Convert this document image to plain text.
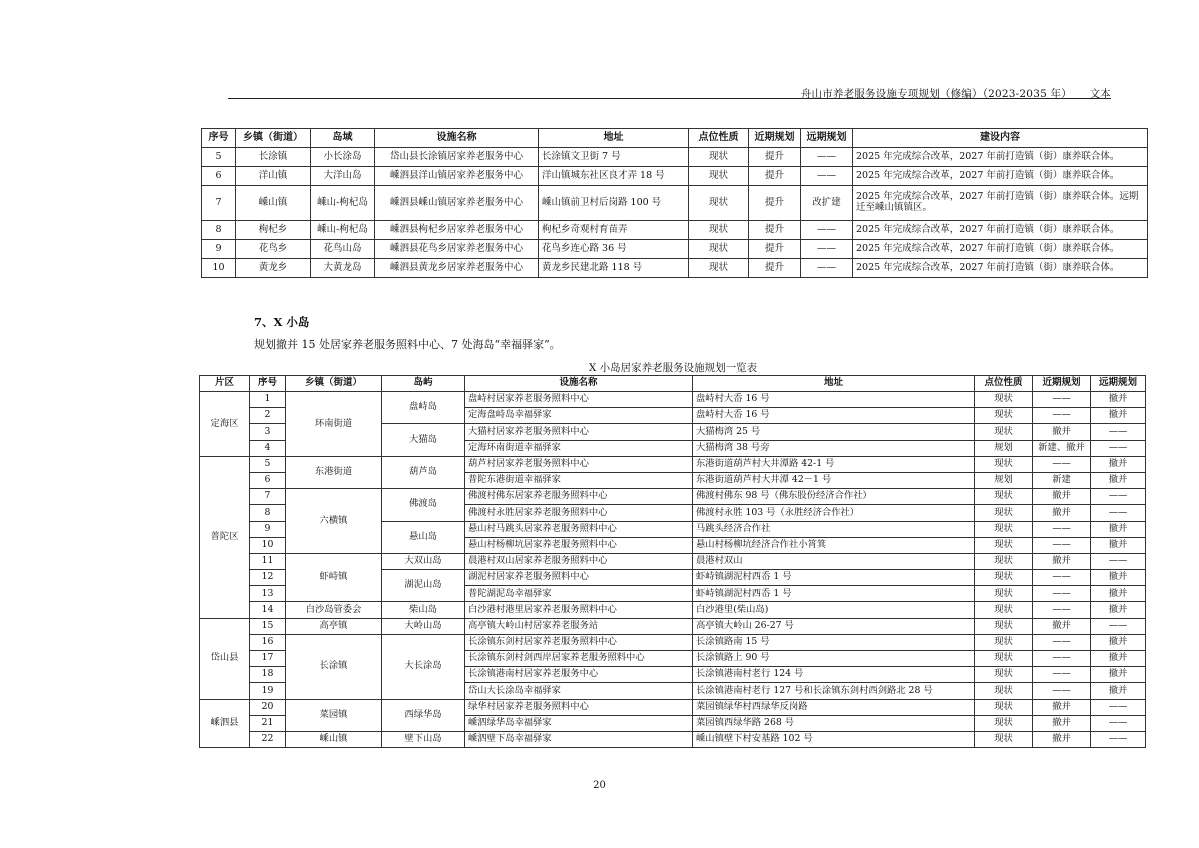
舟山市养老服务设施专项规划（修编）（2023-2035 年） 文本
序号	乡镇（街道）	岛域	设施名称	地址	点位性质	近期规划	远期规划	建设内容
5	长涂镇	小长涂岛	岱山县长涂镇居家养老服务中心	长涂镇文卫街 7 号	现状	提升	——	2025 年完成综合改革，2027 年前打造镇（街）康养联合体。
6	洋山镇	大洋山岛	嵊泗县洋山镇居家养老服务中心	洋山镇城东社区良才弄 18 号	现状	提升	——	2025 年完成综合改革，2027 年前打造镇（街）康养联合体。
7	嵊山镇	嵊山-枸杞岛	嵊泗县嵊山镇居家养老服务中心	嵊山镇前卫村后岗路 100 号	现状	提升	改扩建	2025 年完成综合改革，2027 年前打造镇（街）康养联合体。远期迁至嵊山镇镇区。
8	枸杞乡	嵊山-枸杞岛	嵊泗县枸杞乡居家养老服务中心	枸杞乡奇观村育苗弄	现状	提升	——	2025 年完成综合改革，2027 年前打造镇（街）康养联合体。
9	花鸟乡	花鸟山岛	嵊泗县花鸟乡居家养老服务中心	花鸟乡连心路 36 号	现状	提升	——	2025 年完成综合改革，2027 年前打造镇（街）康养联合体。
10	黄龙乡	大黄龙岛	嵊泗县黄龙乡居家养老服务中心	黄龙乡民建北路 118 号	现状	提升	——	2025 年完成综合改革，2027 年前打造镇（街）康养联合体。
7、X 小岛
规划撤并 15 处居家养老服务照料中心、7 处海岛“幸福驿家”。
X 小岛居家养老服务设施规划一览表
片区	序号	乡镇（街道）	岛屿	设施名称	地址	点位性质	近期规划	远期规划
定海区	1	环南街道	盘峙岛	盘峙村居家养老服务照料中心	盘峙村大岙 16 号	现状	——	撤并
	2			定海盘峙岛幸福驿家	盘峙村大岙 16 号	现状	——	撤并
	3		大猫岛	大猫村居家养老服务照料中心	大猫梅湾 25 号	现状	撤并	——
	4			定海环南街道幸福驿家	大猫梅湾 38 号旁	规划	新建、撤并	——
普陀区	5	东港街道	葫芦岛	葫芦村居家养老服务照料中心	东港街道葫芦村大井潭路 42-1 号	现状	——	撤并
	6			普陀东港街道幸福驿家	东港街道葫芦村大井潭 42－1 号	规划	新建	撤并
	7	六横镇	佛渡岛	佛渡村佛东居家养老服务照料中心	佛渡村佛东 98 号（佛东股份经济合作社）	现状	撤并	——
	8			佛渡村永胜居家养老服务照料中心	佛渡村永胜 103 号（永胜经济合作社）	现状	撤并	——
	9		悬山岛	悬山村马跳头居家养老服务照料中心	马跳头经济合作社	现状	——	撤并
	10			悬山村杨柳坑居家养老服务照料中心	悬山村杨柳坑经济合作社小筲箕	现状	——	撤并
	11	虾峙镇	大双山岛	晨港村双山居家养老服务照料中心	晨港村双山	现状	撤并	——
	12		湖泥山岛	湖泥村居家养老服务照料中心	虾峙镇湖泥村西岙 1 号	现状	——	撤并
	13			普陀湖泥岛幸福驿家	虾峙镇湖泥村西岙 1 号	现状	——	撤并
	14	白沙岛管委会	柴山岛	白沙港村港里居家养老服务照料中心	白沙港里(柴山岛)	现状	——	撤并
岱山县	15	高亭镇	大岭山岛	高亭镇大岭山村居家养老服务站	高亭镇大岭山 26-27 号	现状	撤并	——
	16	长涂镇	大长涂岛	长涂镇东剑村居家养老服务照料中心	长涂镇路南 15 号	现状	——	撤并
	17			长涂镇东剑村剑西岸居家养老服务照料中心	长涂镇路上 90 号	现状	——	撤并
	18			长涂镇港南村居家养老服务中心	长涂镇港南村老行 124 号	现状	——	撤并
	19			岱山大长涂岛幸福驿家	长涂镇港南村老行 127 号和长涂镇东剑村西剑路北 28 号	现状	——	撤并
嵊泗县	20	菜园镇	西绿华岛	绿华村居家养老服务照料中心	菜园镇绿华村西绿华反岗路	现状	撤并	——
	21			嵊泗绿华岛幸福驿家	菜园镇西绿华路 268 号	现状	撤并	——
	22	嵊山镇	壁下山岛	嵊泗壁下岛幸福驿家	嵊山镇壁下村安基路 102 号	现状	撤并	——
20
